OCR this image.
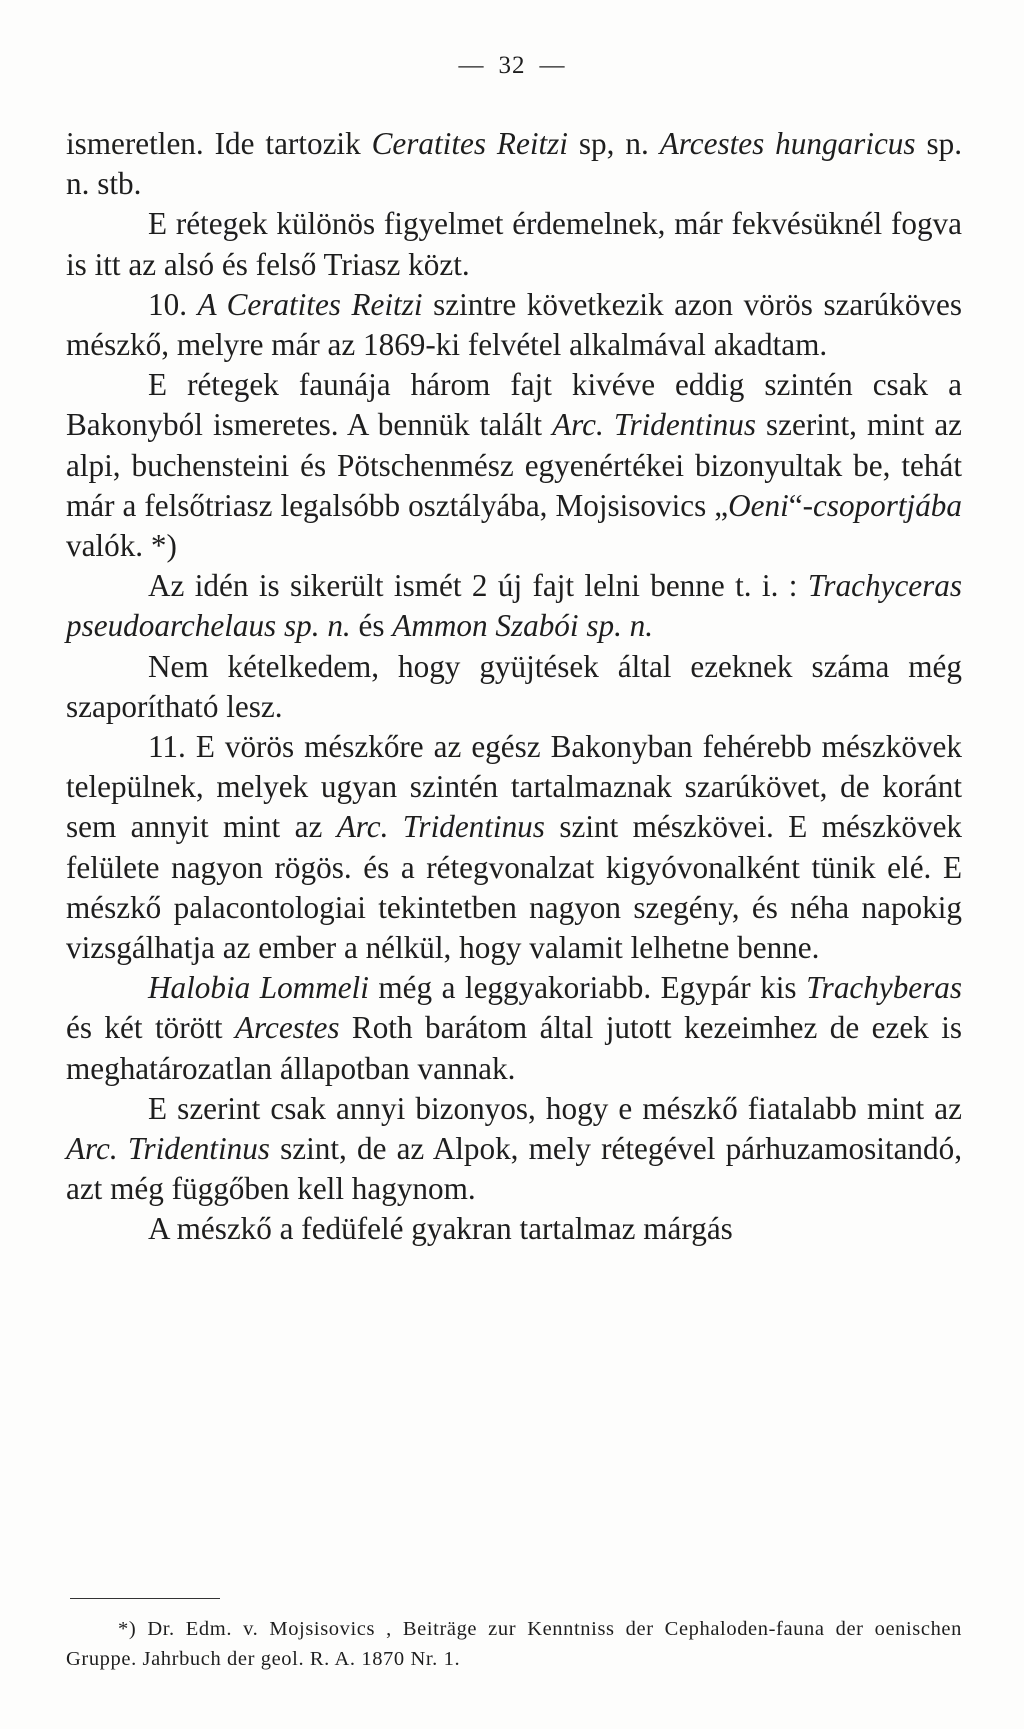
— 32 —

ismeretlen. Ide tartozik Ceratites Reitzi sp, n. Arcestes hungaricus sp. n. stb.

E rétegek különös figyelmet érdemelnek, már fekvésüknél fogva is itt az alsó és felső Triasz közt.

10. A Ceratites Reitzi szintre következik azon vörös szarúköves mészkő, melyre már az 1869-ki felvétel alkalmával akadtam.

E rétegek faunája három fajt kivéve eddig szintén csak a Bakonyból ismeretes. A bennük talált Arc. Tridentinus szerint, mint az alpi, buchensteini és Pötschenmész egyenértékei bizonyultak be, tehát már a felsőtriasz legalsóbb osztályába, Mojsisovics „Oeni“-csoportjába valók. *)

Az idén is sikerült ismét 2 új fajt lelni benne t. i. : Trachyceras pseudoarchelaus sp. n. és Ammon Szabói sp. n.

Nem kételkedem, hogy gyüjtések által ezeknek száma még szaporítható lesz.

11. E vörös mészkőre az egész Bakonyban fehérebb mészkövek települnek, melyek ugyan szintén tartalmaznak szarúkövet, de koránt sem annyit mint az Arc. Tridentinus szint mészkövei. E mészkövek felülete nagyon rögös. és a rétegvonalzat kigyóvonalként tünik elé. E mészkő palacontologiai tekintetben nagyon szegény, és néha napokig vizsgálhatja az ember a nélkül, hogy valamit lelhetne benne.

Halobia Lommeli még a leggyakoriabb. Egypár kis Trachyberas és két törött Arcestes Roth barátom által jutott kezeimhez de ezek is meghatározatlan állapotban vannak.

E szerint csak annyi bizonyos, hogy e mészkő fiatalabb mint az Arc. Tridentinus szint, de az Alpok, mely rétegével párhuzamositandó, azt még függőben kell hagynom.

A mészkő a fedüfelé gyakran tartalmaz márgás

*) Dr. Edm. v. Mojsisovics , Beiträge zur Kenntniss der Cephaloden-fauna der oenischen Gruppe. Jahrbuch der geol. R. A. 1870 Nr. 1.
